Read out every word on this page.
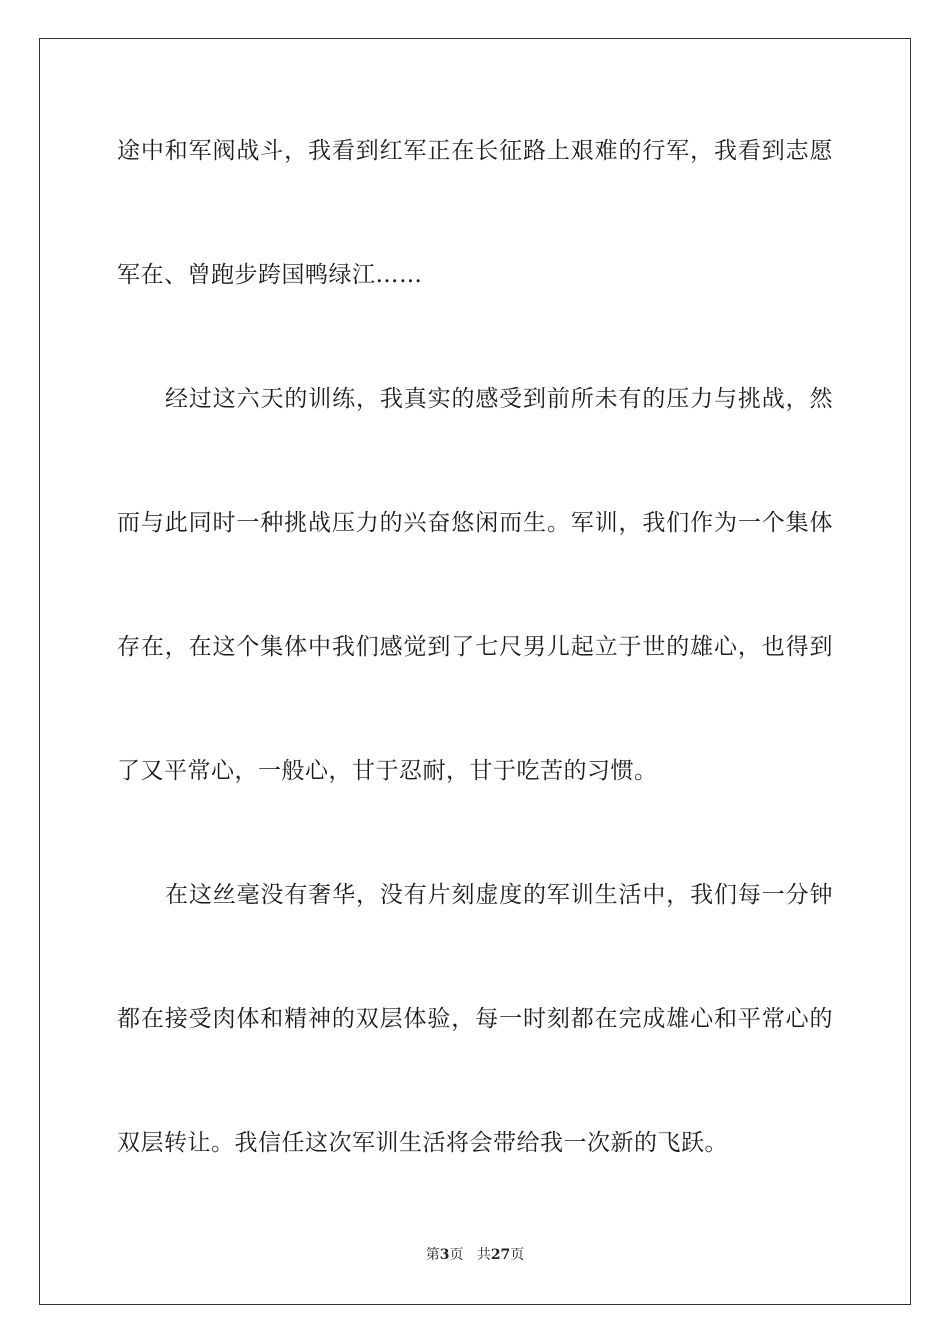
途中和军阀战斗，我看到红军正在长征路上艰难的行军，我看到志愿
军在、曾跑步跨国鸭绿江……
经过这六天的训练，我真实的感受到前所未有的压力与挑战，然
而与此同时一种挑战压力的兴奋悠闲而生。军训，我们作为一个集体
存在，在这个集体中我们感觉到了七尺男儿起立于世的雄心，也得到
了又平常心，一般心，甘于忍耐，甘于吃苦的习惯。
在这丝毫没有奢华，没有片刻虚度的军训生活中，我们每一分钟
都在接受肉体和精神的双层体验，每一时刻都在完成雄心和平常心的
双层转让。我信任这次军训生活将会带给我一次新的飞跃。
第3页 共27页
